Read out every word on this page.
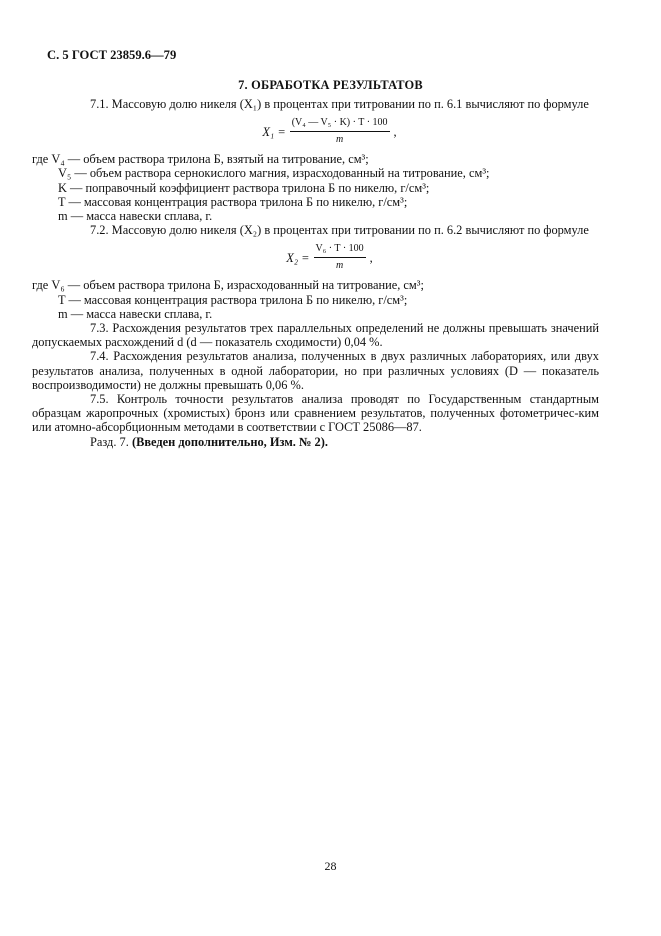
С. 5 ГОСТ 23859.6—79
7. ОБРАБОТКА РЕЗУЛЬТАТОВ

7.1. Массовую долю никеля (X₁) в процентах при титровании по п. 6.1 вычисляют по формуле

$X_1 = \frac{\text{(V₄ — V₅ · K) · T · 100}}{m}$ ,
где V₄ — объем раствора трилона Б, взятый на титрование, см³;
V₅ — объем раствора сернокислого магния, израсходованный на титрование, см³;
K — поправочный коэффициент раствора трилона Б по никелю, г/см³;
T — массовая концентрация раствора трилона Б по никелю, г/см³;
m — масса навески сплава, г.

7.2. Массовую долю никеля (X₂) в процентах при титровании по п. 6.2 вычисляют по формуле

$X_2 = \frac{\text{V₆ · T · 100}}{m}$ ,
где V₆ — объем раствора трилона Б, израсходованный на титрование, см³;
T — массовая концентрация раствора трилона Б по никелю, г/см³;
m — масса навески сплава, г.

7.3. Расхождения результатов трех параллельных определений не должны превышать значений допускаемых расхождений d (d — показатель сходимости) 0,04 %.

7.4. Расхождения результатов анализа, полученных в двух различных лабораториях, или двух результатов анализа, полученных в одной лаборатории, но при различных условиях (D — показатель воспроизводимости) не должны превышать 0,06 %.

7.5. Контроль точности результатов анализа проводят по Государственным стандартным образцам жаропрочных (хромистых) бронз или сравнением результатов, полученных фотометричес-ким или атомно-абсорбционным методами в соответствии с ГОСТ 25086—87.

Разд. 7. (Введен дополнительно, Изм. № 2).

28
